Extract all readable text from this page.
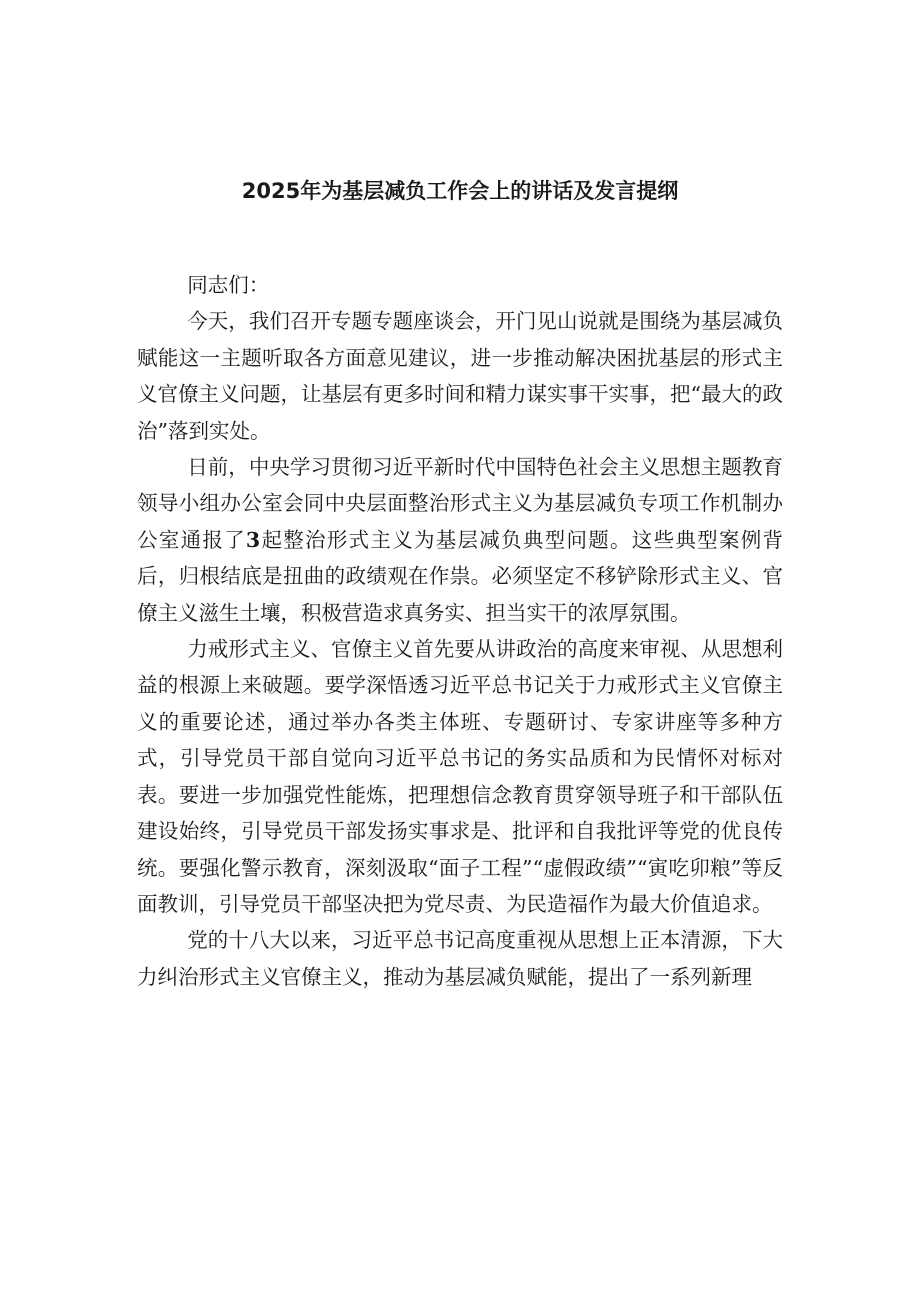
2025年为基层减负工作会上的讲话及发言提纲

同志们：

今天，我们召开专题专题座谈会，开门见山说就是围绕为基层减负赋能这一主题听取各方面意见建议，进一步推动解决困扰基层的形式主义官僚主义问题，让基层有更多时间和精力谋实事干实事，把“最大的政治”落到实处。

日前，中央学习贯彻习近平新时代中国特色社会主义思想主题教育领导小组办公室会同中央层面整治形式主义为基层减负专项工作机制办公室通报了3起整治形式主义为基层减负典型问题。这些典型案例背后，归根结底是扭曲的政绩观在作祟。必须坚定不移铲除形式主义、官僚主义滋生土壤，积极营造求真务实、担当实干的浓厚氛围。

力戒形式主义、官僚主义首先要从讲政治的高度来审视、从思想利益的根源上来破题。要学深悟透习近平总书记关于力戒形式主义官僚主义的重要论述，通过举办各类主体班、专题研讨、专家讲座等多种方式，引导党员干部自觉向习近平总书记的务实品质和为民情怀对标对表。要进一步加强党性能炼，把理想信念教育贯穿领导班子和干部队伍建设始终，引导党员干部发扬实事求是、批评和自我批评等党的优良传统。要强化警示教育，深刻汲取“面子工程”“虚假政绩”“寅吃卯粮”等反面教训，引导党员干部坚决把为党尽责、为民造福作为最大价值追求。

党的十八大以来，习近平总书记高度重视从思想上正本清源，下大力纠治形式主义官僚主义，推动为基层减负赋能，提出了一系列新理
